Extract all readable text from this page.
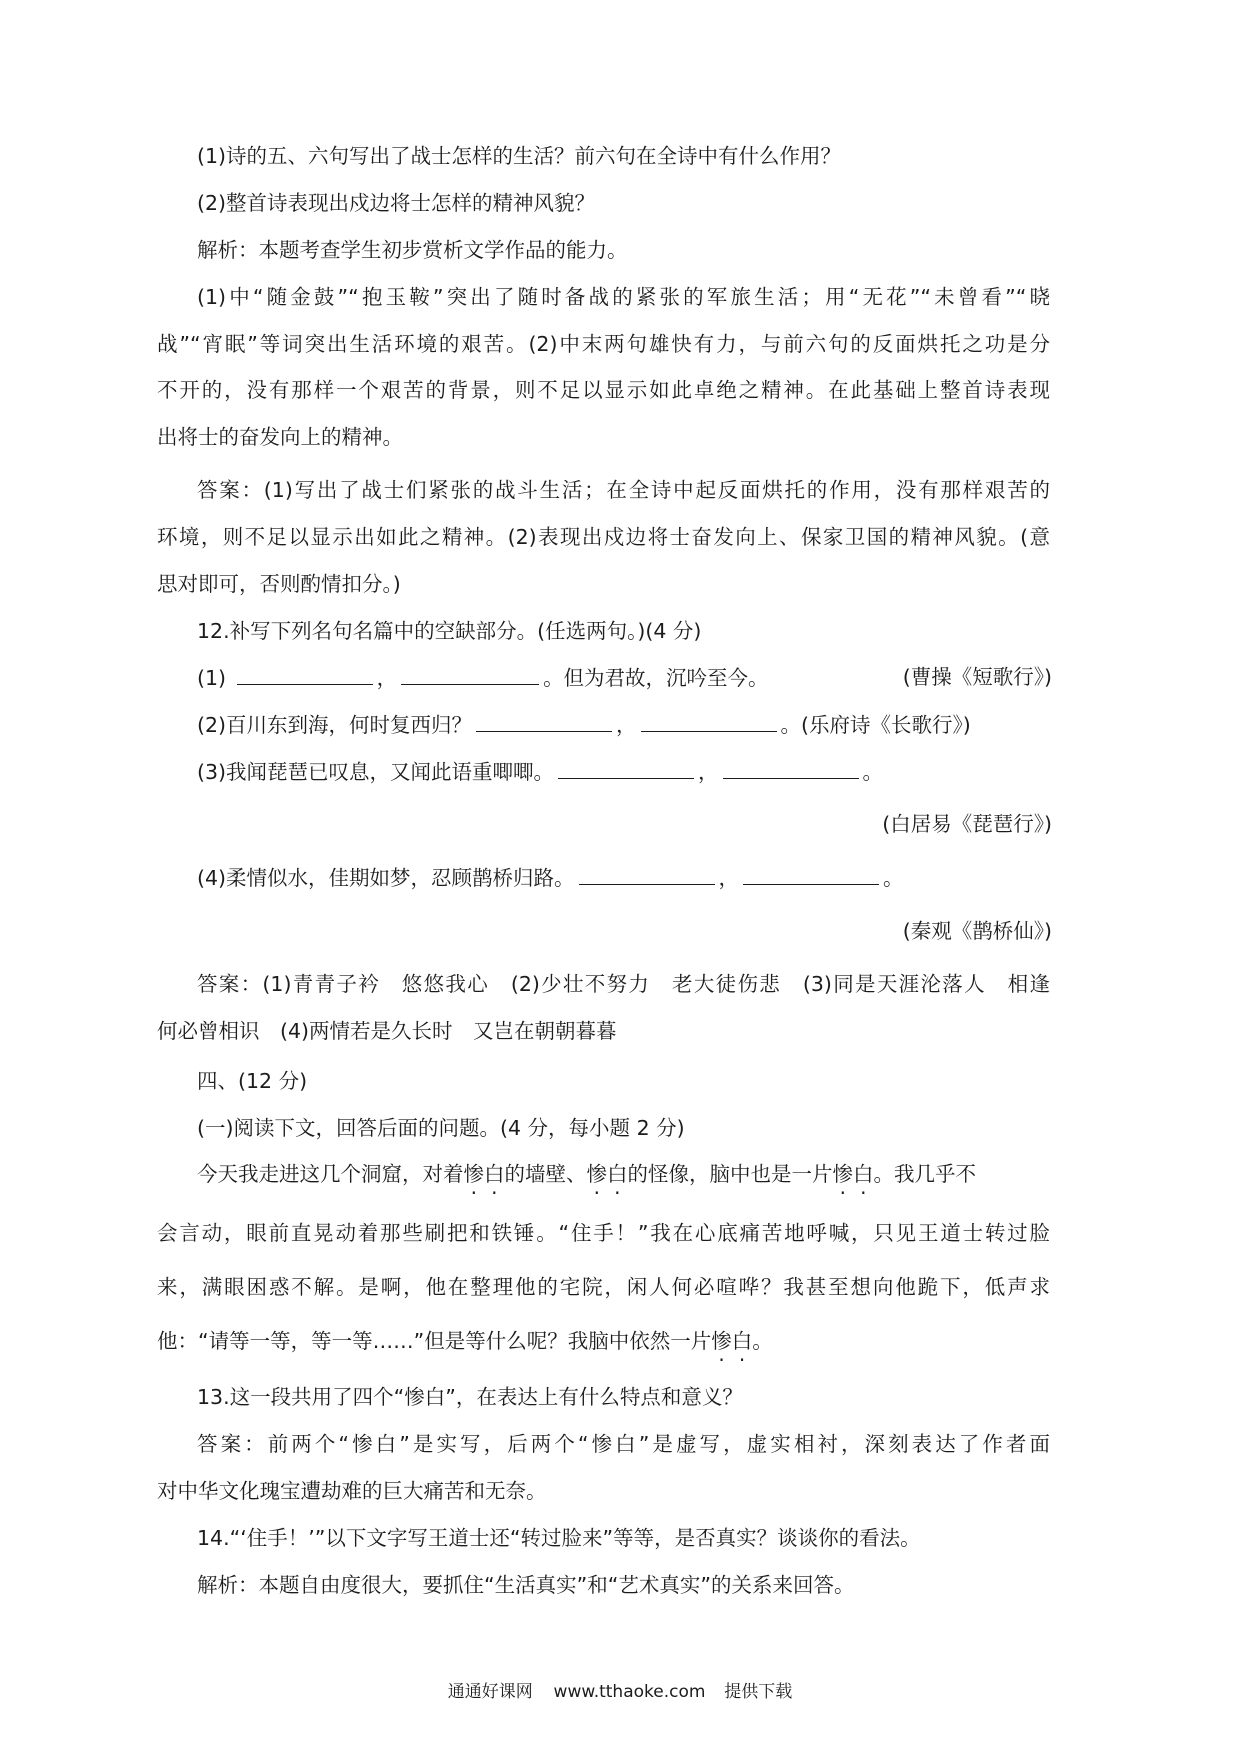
(1)诗的五、六句写出了战士怎样的生活？前六句在全诗中有什么作用？
(2)整首诗表现出戍边将士怎样的精神风貌？
解析：本题考查学生初步赏析文学作品的能力。
(1)中“随金鼓”“抱玉鞍”突出了随时备战的紧张的军旅生活；用“无花”“未曾看”“晓
战”“宵眠”等词突出生活环境的艰苦。(2)中末两句雄快有力，与前六句的反面烘托之功是分
不开的，没有那样一个艰苦的背景，则不足以显示如此卓绝之精神。在此基础上整首诗表现
出将士的奋发向上的精神。
答案：(1)写出了战士们紧张的战斗生活；在全诗中起反面烘托的作用，没有那样艰苦的
环境，则不足以显示出如此之精神。(2)表现出戍边将士奋发向上、保家卫国的精神风貌。(意
思对即可，否则酌情扣分。)
12.补写下列名句名篇中的空缺部分。(任选两句。)(4 分)
(1)	，	。但为君故，沉吟至今。	(曹操《短歌行》)
(2)百川东到海，何时复西归？	，	。(乐府诗《长歌行》)
(3)我闻琵琶已叹息，又闻此语重唧唧。	，	。
(白居易《琵琶行》)
(4)柔情似水，佳期如梦，忍顾鹊桥归路。	，	。
(秦观《鹊桥仙》)
答案：(1)青青子衿　悠悠我心　(2)少壮不努力　老大徒伤悲　(3)同是天涯沦落人　相逢
何必曾相识　(4)两情若是久长时　又岂在朝朝暮暮
四、(12 分)
(一)阅读下文，回答后面的问题。(4 分，每小题 2 分)
今天我走进这几个洞窟，对着惨白的墙壁、惨白的怪像，脑中也是一片惨白。我几乎不
会言动，眼前直晃动着那些刷把和铁锤。“住手！”我在心底痛苦地呼喊，只见王道士转过脸
来，满眼困惑不解。是啊，他在整理他的宅院，闲人何必喧哗？我甚至想向他跪下，低声求
他：“请等一等，等一等……”但是等什么呢？我脑中依然一片惨白。
13.这一段共用了四个“惨白”，在表达上有什么特点和意义？
答案：前两个“惨白”是实写，后两个“惨白”是虚写，虚实相衬，深刻表达了作者面
对中华文化瑰宝遭劫难的巨大痛苦和无奈。
14.“‘住手！’”以下文字写王道士还“转过脸来”等等，是否真实？谈谈你的看法。
解析：本题自由度很大，要抓住“生活真实”和“艺术真实”的关系来回答。
通通好课网 www.tthaoke.com 提供下载
